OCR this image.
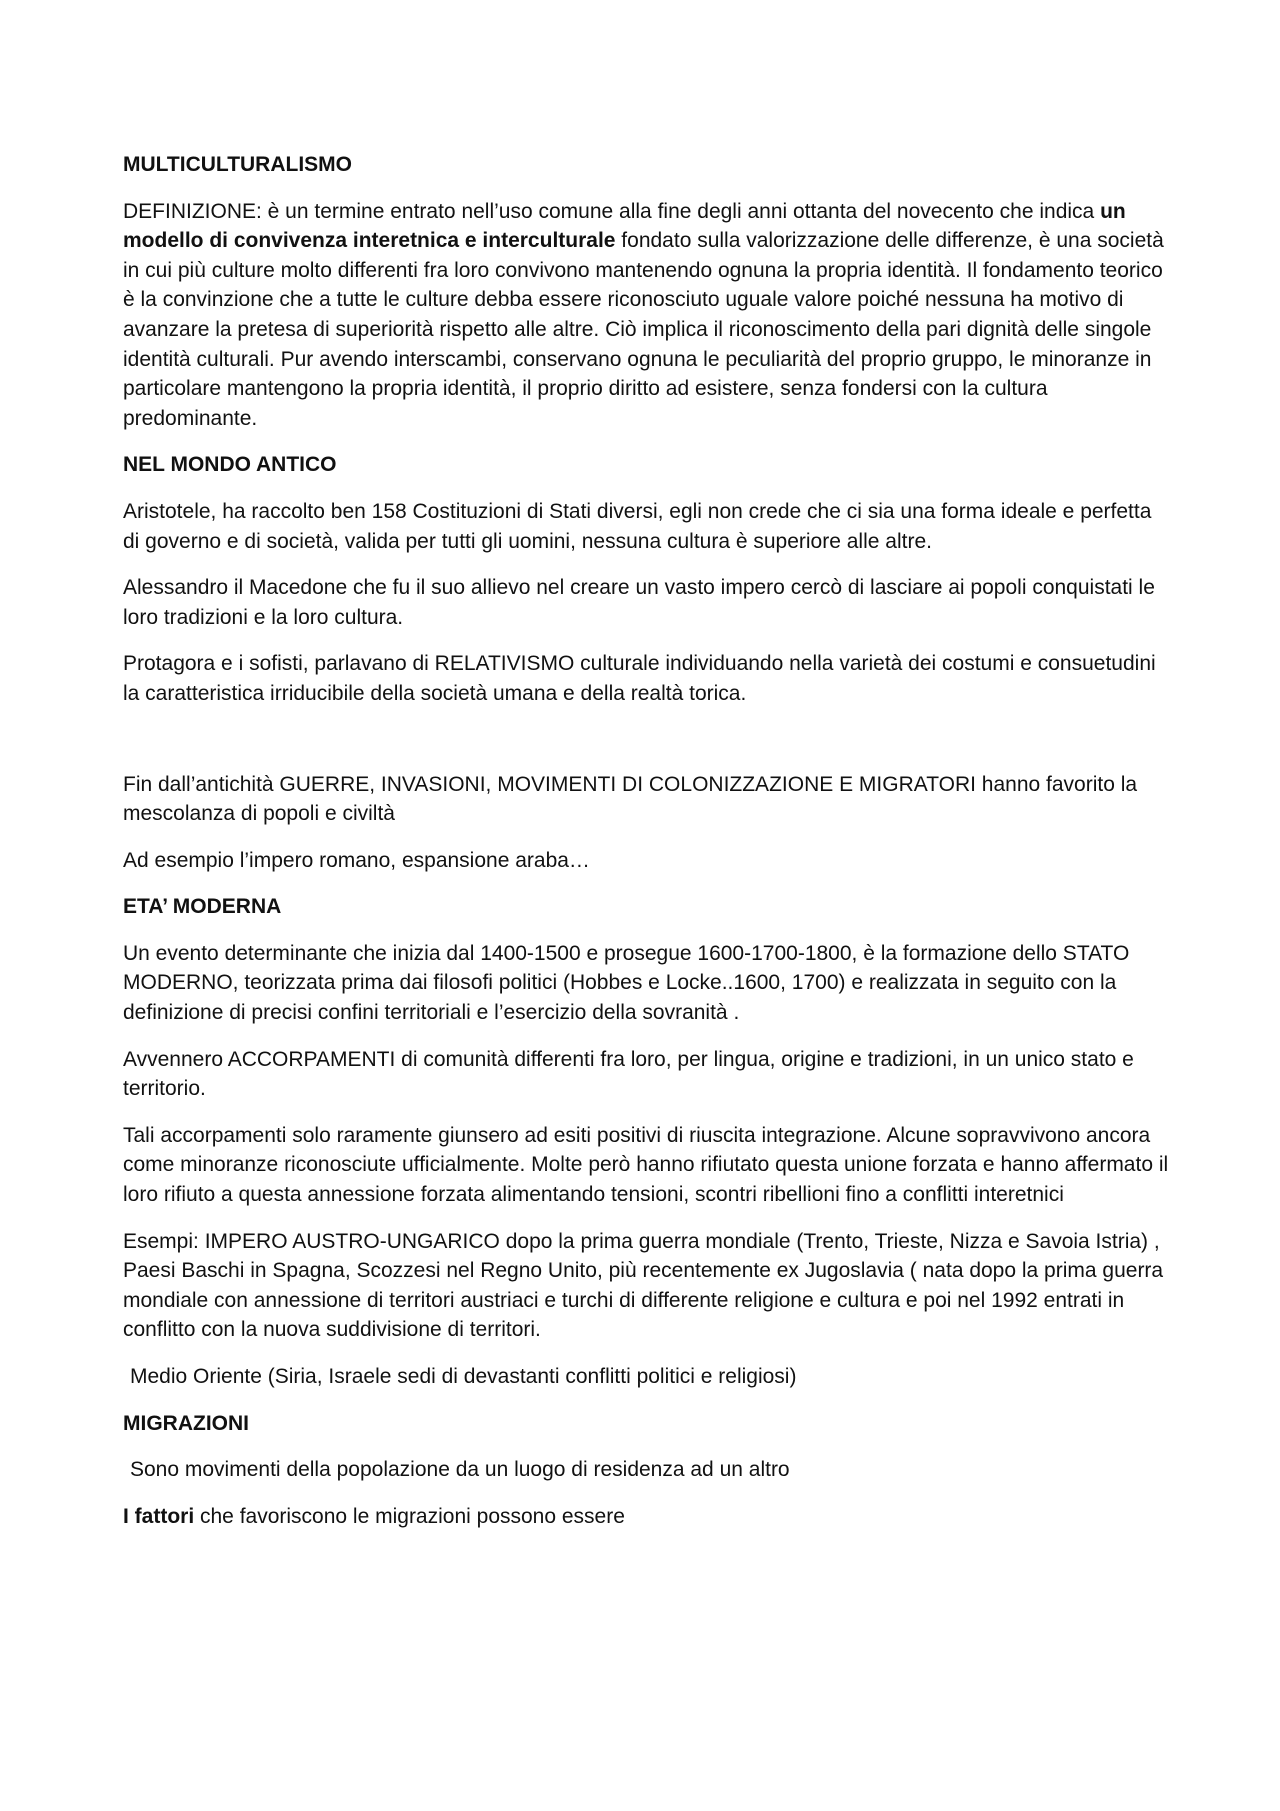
MULTICULTURALISMO
DEFINIZIONE: è un termine entrato nell’uso comune alla fine degli anni ottanta del novecento che indica un modello di convivenza interetnica e interculturale fondato sulla valorizzazione delle differenze, è una società in cui più culture molto differenti fra loro convivono mantenendo ognuna la propria identità. Il fondamento teorico è la convinzione che a tutte le culture debba essere riconosciuto uguale valore poiché nessuna ha motivo di avanzare la pretesa di superiorità rispetto alle altre. Ciò implica il riconoscimento della pari dignità delle singole identità culturali. Pur avendo interscambi, conservano ognuna le peculiarità del proprio gruppo, le minoranze in particolare mantengono la propria identità, il proprio diritto ad esistere, senza fondersi con la cultura predominante.
NEL MONDO ANTICO
Aristotele, ha raccolto ben 158 Costituzioni di Stati diversi, egli non crede che ci sia una forma ideale e perfetta di governo e di società, valida per tutti gli uomini, nessuna cultura è superiore alle altre.
Alessandro il Macedone che fu il suo allievo nel creare un vasto impero cercò di lasciare ai popoli conquistati le loro tradizioni e la loro cultura.
Protagora e i sofisti, parlavano di RELATIVISMO culturale individuando nella varietà dei costumi e consuetudini la caratteristica irriducibile della società umana e della realtà torica.
Fin dall’antichità GUERRE, INVASIONI, MOVIMENTI DI COLONIZZAZIONE E MIGRATORI hanno favorito la mescolanza di popoli e civiltà
Ad esempio l’impero romano, espansione araba…
ETA’ MODERNA
Un evento determinante che inizia dal 1400-1500 e prosegue 1600-1700-1800, è la formazione dello STATO MODERNO, teorizzata prima dai filosofi politici (Hobbes e Locke..1600, 1700) e realizzata in seguito con la definizione di precisi confini territoriali e l’esercizio della sovranità .
Avvennero ACCORPAMENTI di comunità differenti fra loro, per lingua, origine e tradizioni, in un unico stato e territorio.
Tali accorpamenti solo raramente giunsero ad esiti positivi di riuscita integrazione. Alcune sopravvivono ancora come minoranze riconosciute ufficialmente. Molte però hanno rifiutato questa unione forzata e hanno affermato il loro rifiuto a questa annessione forzata alimentando tensioni, scontri ribellioni fino a conflitti interetnici
Esempi: IMPERO AUSTRO-UNGARICO dopo la prima guerra mondiale (Trento, Trieste, Nizza e Savoia Istria) , Paesi Baschi in Spagna, Scozzesi nel Regno Unito, più recentemente ex Jugoslavia ( nata dopo la prima guerra mondiale con annessione di territori austriaci e turchi di differente religione e cultura e poi nel 1992 entrati in conflitto con la nuova suddivisione di territori.
Medio Oriente (Siria, Israele sedi di devastanti conflitti politici e religiosi)
MIGRAZIONI
Sono movimenti della popolazione da un luogo di residenza ad un altro
I fattori che favoriscono le migrazioni possono essere
